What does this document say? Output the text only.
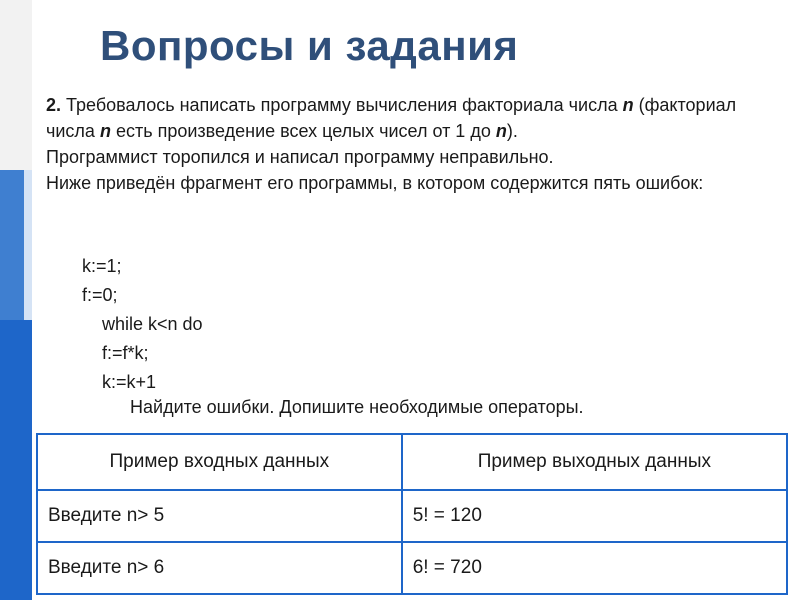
Вопросы и задания

2. Требовалось написать программу вычисления факториала числа n (факториал числа n есть произведение всех целых чисел от 1 до n).

Программист торопился и написал программу неправильно.

Ниже приведён фрагмент его программы, в котором содержится пять ошибок:

k:=1;
f:=0;
while k<n do
f:=f*k;
k:=k+1
Найдите ошибки. Допишите необходимые операторы.
Пример входных данных	Пример выходных данных
Введите n> 5	5! = 120
Введите n> 6	6! = 720
